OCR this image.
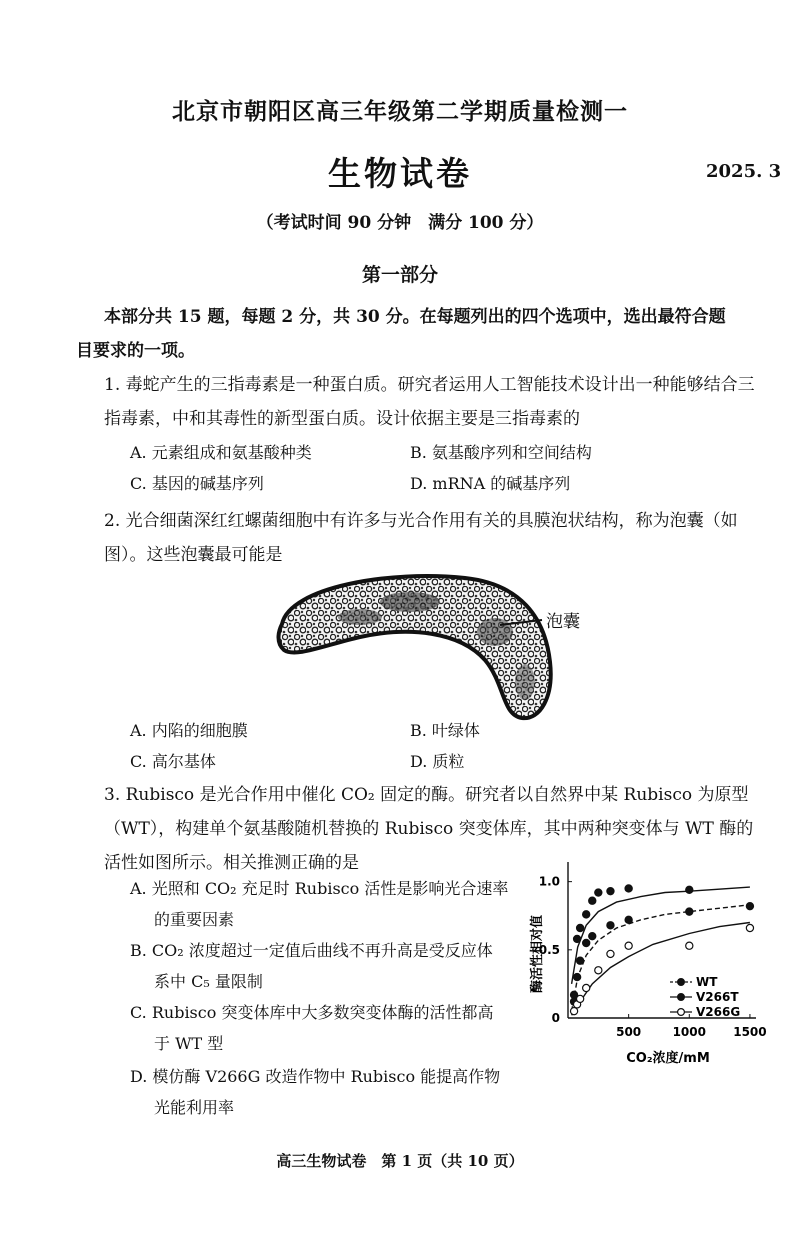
北京市朝阳区高三年级第二学期质量检测一
生物试卷	2025. 3
（考试时间 90 分钟　满分 100 分）
第一部分
本部分共 15 题，每题 2 分，共 30 分。在每题列出的四个选项中，选出最符合题目要求的一项。
1. 毒蛇产生的三指毒素是一种蛋白质。研究者运用人工智能技术设计出一种能够结合三指毒素，中和其毒性的新型蛋白质。设计依据主要是三指毒素的
A. 元素组成和氨基酸种类	B. 氨基酸序列和空间结构
C. 基因的碱基序列	D. mRNA 的碱基序列
2. 光合细菌深红红螺菌细胞中有许多与光合作用有关的具膜泡状结构，称为泡囊（如图）。这些泡囊最可能是
泡囊
A. 内陷的细胞膜	B. 叶绿体
C. 高尔基体	D. 质粒
3. Rubisco 是光合作用中催化 CO₂ 固定的酶。研究者以自然界中某 Rubisco 为原型（WT），构建单个氨基酸随机替换的 Rubisco 突变体库，其中两种突变体与 WT 酶的活性如图所示。相关推测正确的是
A. 光照和 CO₂ 充足时 Rubisco 活性是影响光合速率
的重要因素
B. CO₂ 浓度超过一定值后曲线不再升高是受反应体
系中 C₅ 量限制
C. Rubisco 突变体库中大多数突变体酶的活性都高
于 WT 型
D. 模仿酶 V266G 改造作物中 Rubisco 能提高作物
光能利用率
500	1000 1500
0
0.5
1.0
WT
V266T
V266G
酶活性相对值
CO₂浓度/mM
高三生物试卷　第 1 页（共 10 页）
